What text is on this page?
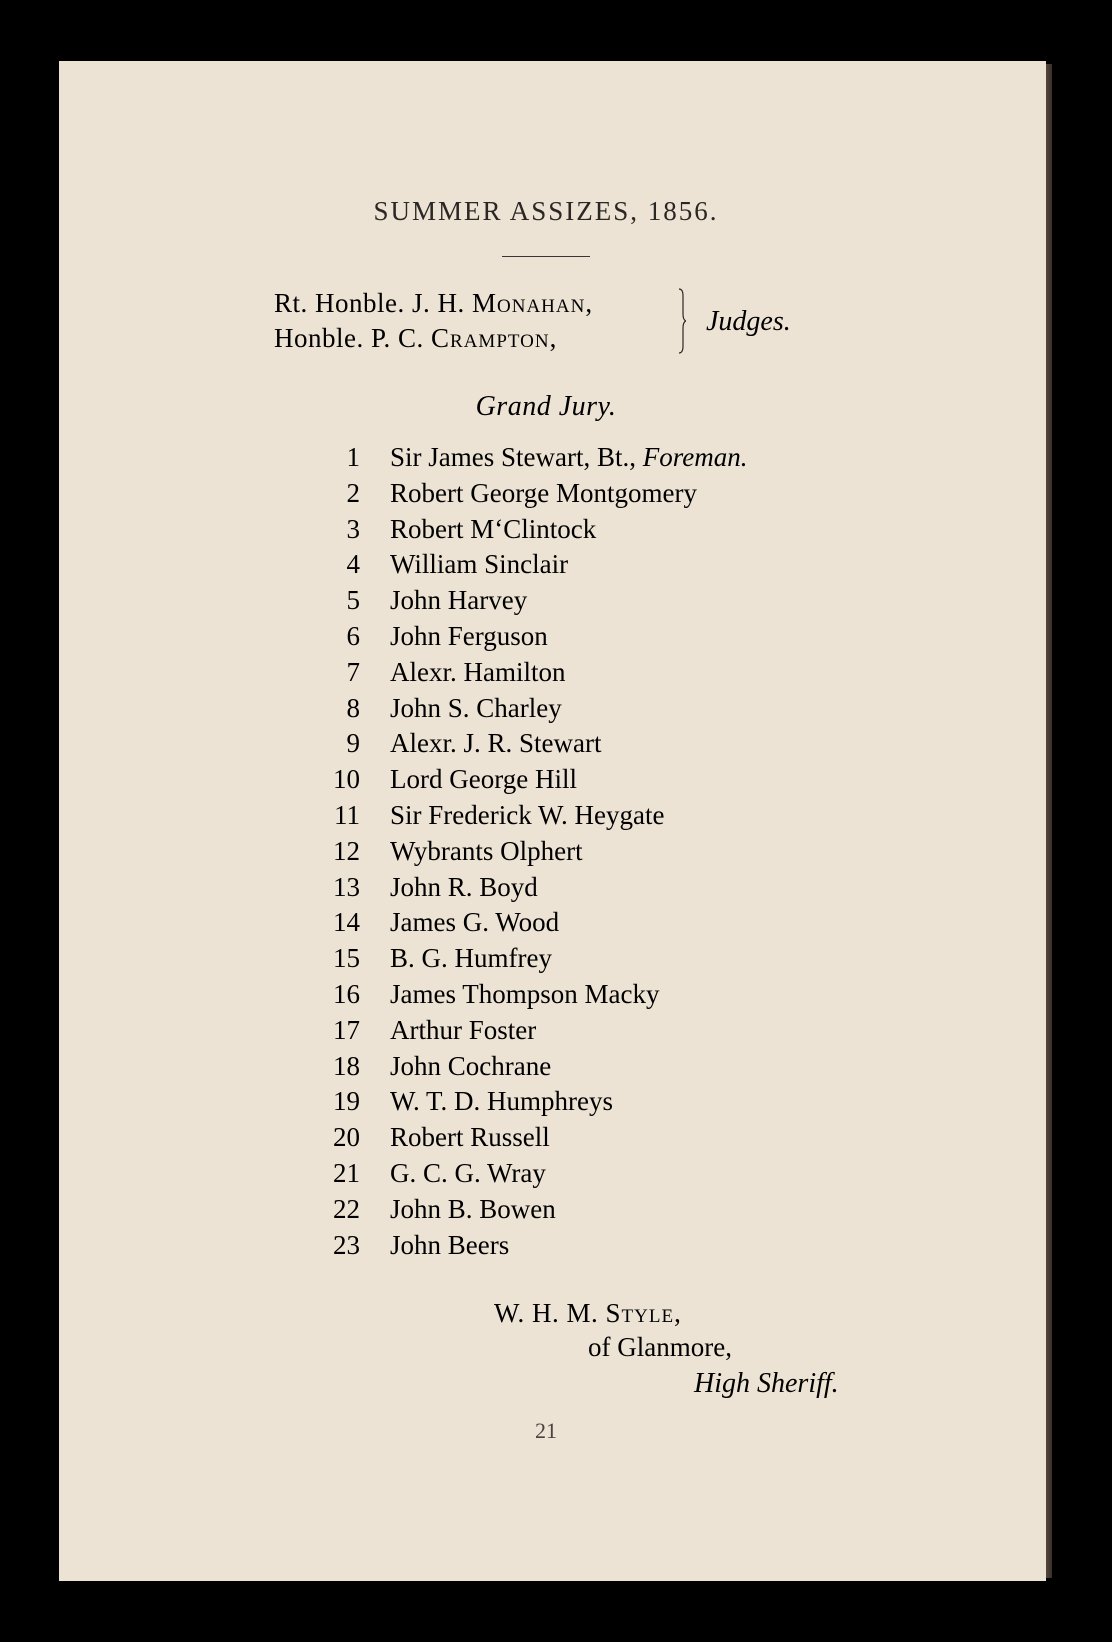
SUMMER ASSIZES, 1856.
Rt. Honble. J. H. Monahan,
Honble. P. C. Crampton,
Judges.
Grand Jury.
1 Sir James Stewart, Bt., Foreman.
2 Robert George Montgomery
3 Robert M‘Clintock
4 William Sinclair
5 John Harvey
6 John Ferguson
7 Alexr. Hamilton
8 John S. Charley
9 Alexr. J. R. Stewart
10 Lord George Hill
11 Sir Frederick W. Heygate
12 Wybrants Olphert
13 John R. Boyd
14 James G. Wood
15 B. G. Humfrey
16 James Thompson Macky
17 Arthur Foster
18 John Cochrane
19 W. T. D. Humphreys
20 Robert Russell
21 G. C. G. Wray
22 John B. Bowen
23 John Beers
W. H. M. Style,
of Glanmore,
High Sheriff.
21
